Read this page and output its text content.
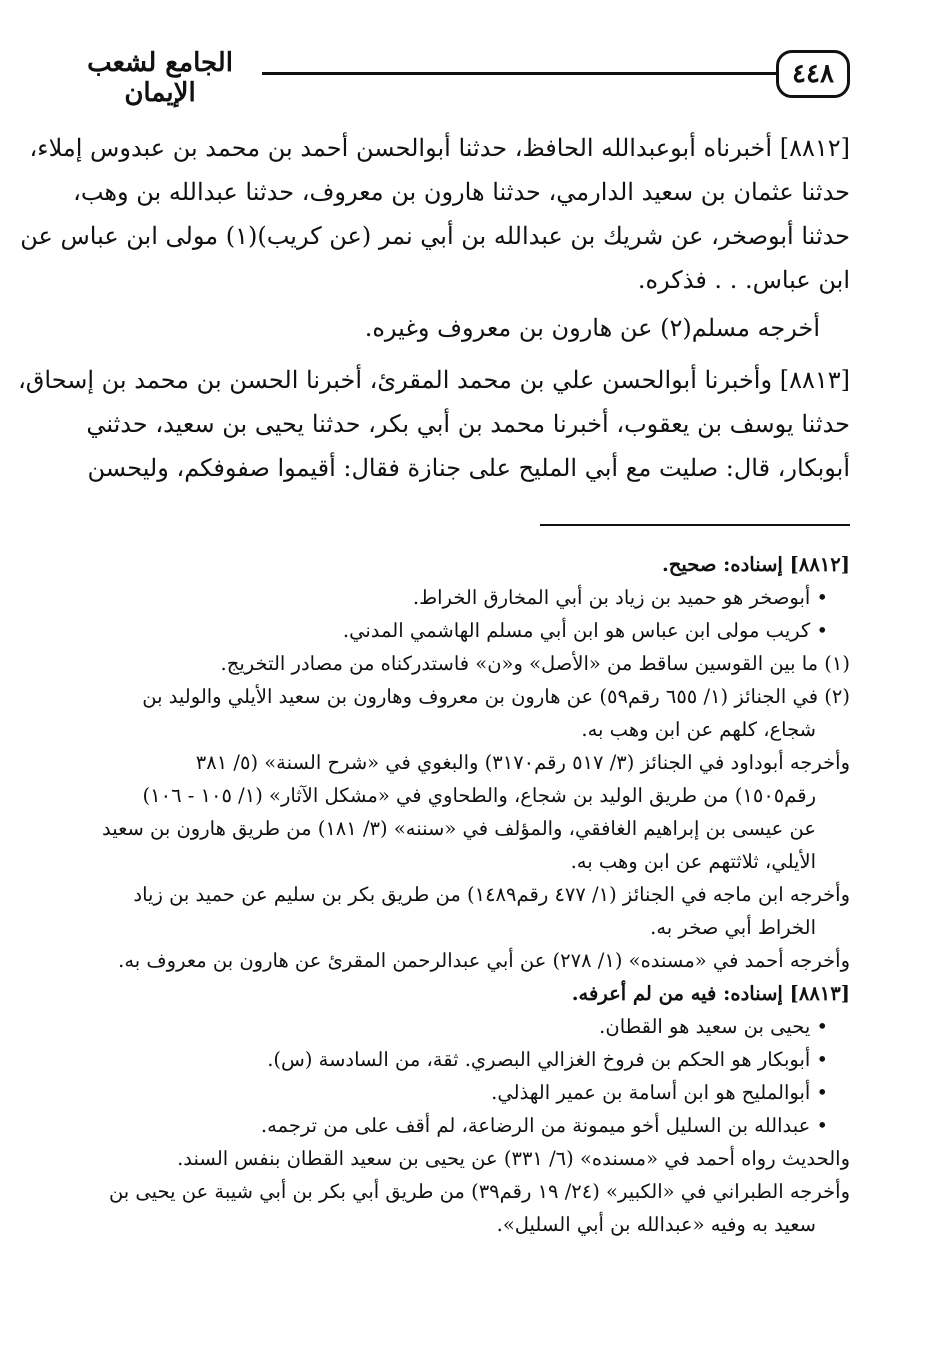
الجامع لشعب الإيمان
٤٤٨
[٨٨١٢] أخبرناه أبوعبدالله الحافظ، حدثنا أبوالحسن أحمد بن محمد بن عبدوس إملاء،
حدثنا عثمان بن سعيد الدارمي، حدثنا هارون بن معروف، حدثنا عبدالله بن وهب،
حدثنا أبوصخر، عن شريك بن عبدالله بن أبي نمر (عن كريب)(١) مولى ابن عباس عن
ابن عباس. . . فذكره.
أخرجه مسلم(٢) عن هارون بن معروف وغيره.
[٨٨١٣] وأخبرنا أبوالحسن علي بن محمد المقرئ، أخبرنا الحسن بن محمد بن إسحاق،
حدثنا يوسف بن يعقوب، أخبرنا محمد بن أبي بكر، حدثنا يحيى بن سعيد، حدثني
أبوبكار، قال: صليت مع أبي المليح على جنازة فقال: أقيموا صفوفكم، وليحسن
[٨٨١٢] إسناده: صحيح.
• أبوصخر هو حميد بن زياد بن أبي المخارق الخراط.
• كريب مولى ابن عباس هو ابن أبي مسلم الهاشمي المدني.
(١) ما بين القوسين ساقط من «الأصل» و«ن» فاستدركناه من مصادر التخريج.
(٢) في الجنائز (١/ ٦٥٥ رقم٥٩) عن هارون بن معروف وهارون بن سعيد الأيلي والوليد بن
شجاع، كلهم عن ابن وهب به.
وأخرجه أبوداود في الجنائز (٣/ ٥١٧ رقم٣١٧٠) والبغوي في «شرح السنة» (٥/ ٣٨١
رقم١٥٠٥) من طريق الوليد بن شجاع، والطحاوي في «مشكل الآثار» (١/ ١٠٥ - ١٠٦)
عن عيسى بن إبراهيم الغافقي، والمؤلف في «سننه» (٣/ ١٨١) من طريق هارون بن سعيد
الأيلي، ثلاثتهم عن ابن وهب به.
وأخرجه ابن ماجه في الجنائز (١/ ٤٧٧ رقم١٤٨٩) من طريق بكر بن سليم عن حميد بن زياد
الخراط أبي صخر به.
وأخرجه أحمد في «مسنده» (١/ ٢٧٨) عن أبي عبدالرحمن المقرئ عن هارون بن معروف به.
[٨٨١٣] إسناده: فيه من لم أعرفه.
• يحيى بن سعيد هو القطان.
• أبوبكار هو الحكم بن فروخ الغزالي البصري. ثقة، من السادسة (س).
• أبوالمليح هو ابن أسامة بن عمير الهذلي.
• عبدالله بن السليل أخو ميمونة من الرضاعة، لم أقف على من ترجمه.
والحديث رواه أحمد في «مسنده» (٦/ ٣٣١) عن يحيى بن سعيد القطان بنفس السند.
وأخرجه الطبراني في «الكبير» (٢٤/ ١٩ رقم٣٩) من طريق أبي بكر بن أبي شيبة عن يحيى بن
سعيد به وفيه «عبدالله بن أبي السليل».
